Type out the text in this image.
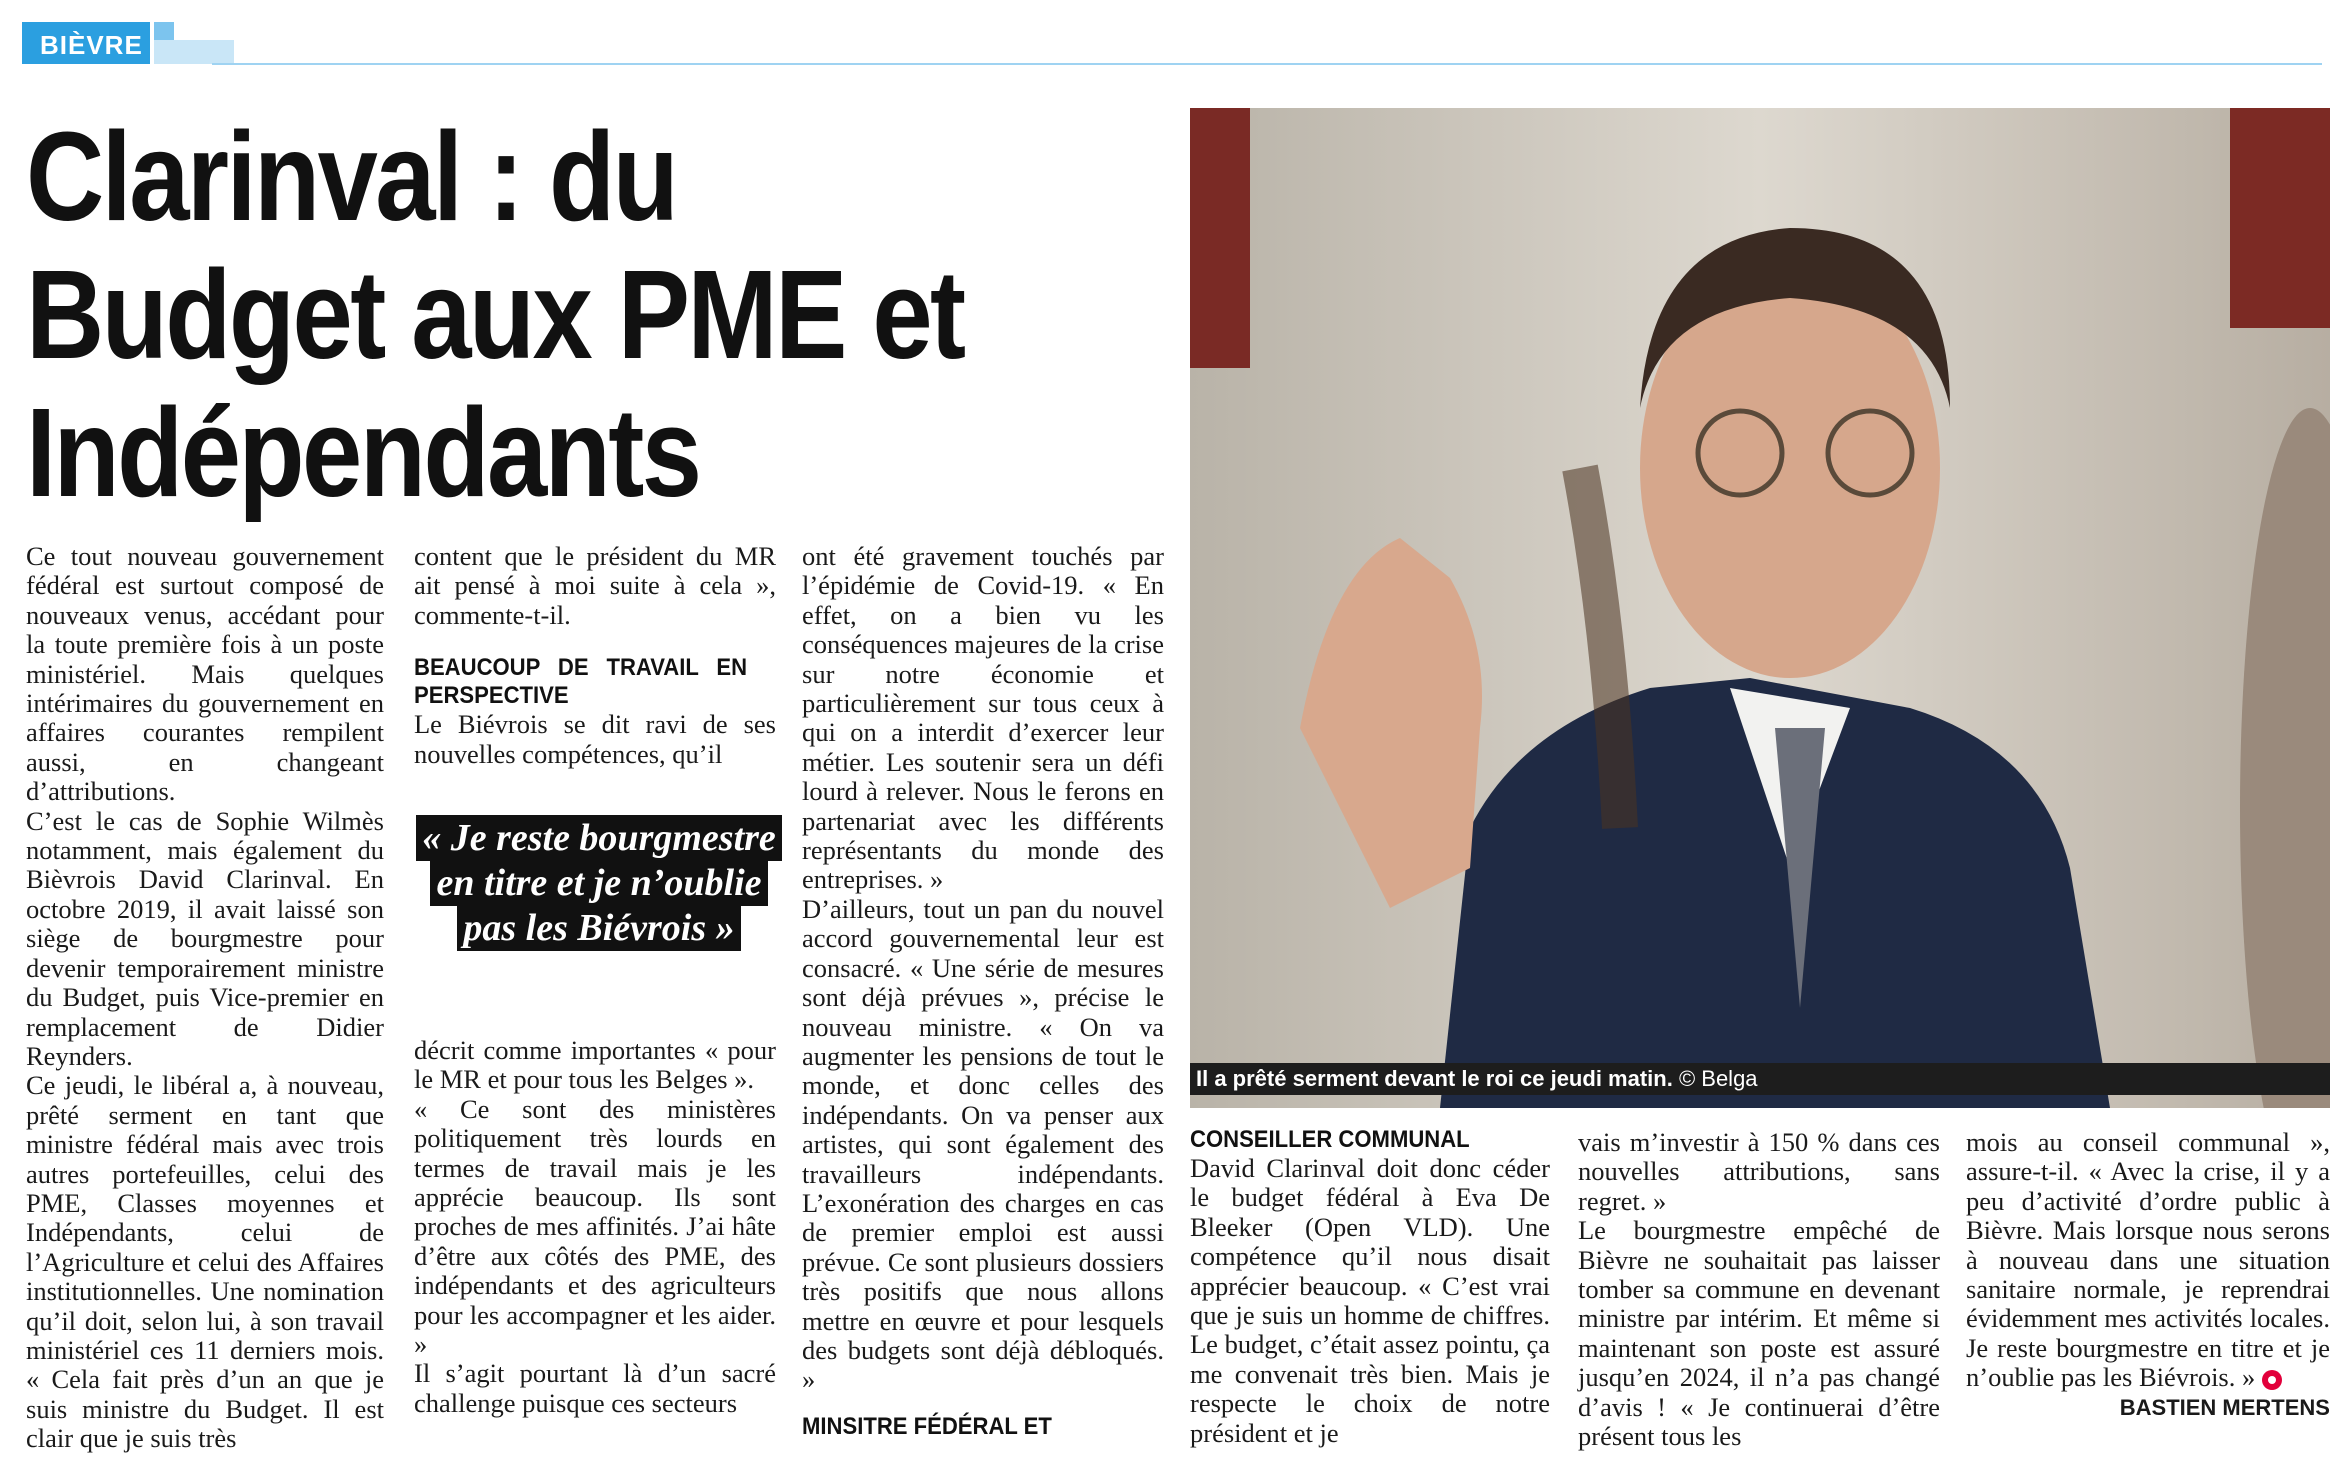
BIÈVRE
Clarinval : du Budget aux PME et Indépendants

Ce tout nouveau gouvernement fédéral est surtout composé de nouveaux venus, accédant pour la toute première fois à un poste ministériel. Mais quelques intérimaires du gouvernement en affaires courantes rempilent aussi, en changeant d’attributions.

C’est le cas de Sophie Wilmès notamment, mais également du Bièvrois David Clarinval. En octobre 2019, il avait laissé son siège de bourgmestre pour devenir temporairement ministre du Budget, puis Vice-premier en remplacement de Didier Reynders.

Ce jeudi, le libéral a, à nouveau, prêté serment en tant que ministre fédéral mais avec trois autres portefeuilles, celui des PME, Classes moyennes et Indépendants, celui de l’Agriculture et celui des Affaires institutionnelles. Une nomination qu’il doit, selon lui, à son travail ministériel ces 11 derniers mois. « Cela fait près d’un an que je suis ministre du Budget. Il est clair que je suis très

content que le président du MR ait pensé à moi suite à cela », commente-t-il.

BEAUCOUP DE TRAVAIL EN PERSPECTIVE

Le Biévrois se dit ravi de ses nouvelles compétences, qu’il

« Je reste bourgmestre en titre et je n’oublie pas les Biévrois »

décrit comme importantes « pour le MR et pour tous les Belges ».

« Ce sont des ministères politiquement très lourds en termes de travail mais je les apprécie beaucoup. Ils sont proches de mes affinités. J’ai hâte d’être aux côtés des PME, des indépendants et des agriculteurs pour les accompagner et les aider. »

Il s’agit pourtant là d’un sacré challenge puisque ces secteurs

ont été gravement touchés par l’épidémie de Covid-19. « En effet, on a bien vu les conséquences majeures de la crise sur notre économie et particulièrement sur tous ceux à qui on a interdit d’exercer leur métier. Les soutenir sera un défi lourd à relever. Nous le ferons en partenariat avec les différents représentants du monde des entreprises. »

D’ailleurs, tout un pan du nouvel accord gouvernemental leur est consacré. « Une série de mesures sont déjà prévues », précise le nouveau ministre. « On va augmenter les pensions de tout le monde, et donc celles des indépendants. On va penser aux artistes, qui sont également des travailleurs indépendants. L’exonération des charges en cas de premier emploi est aussi prévue. Ce sont plusieurs dossiers très positifs que nous allons mettre en œuvre et pour lesquels des budgets sont déjà débloqués. »

MINSITRE FÉDÉRAL ET

Il a prêté serment devant le roi ce jeudi matin. © Belga

CONSEILLER COMMUNAL

David Clarinval doit donc céder le budget fédéral à Eva De Bleeker (Open VLD). Une compétence qu’il nous disait apprécier beaucoup. « C’est vrai que je suis un homme de chiffres. Le budget, c’était assez pointu, ça me convenait très bien. Mais je respecte le choix de notre président et je

vais m’investir à 150 % dans ces nouvelles attributions, sans regret. »

Le bourgmestre empêché de Bièvre ne souhaitait pas laisser tomber sa commune en devenant ministre par intérim. Et même si maintenant son poste est assuré jusqu’en 2024, il n’a pas changé d’avis ! « Je continuerai d’être présent tous les

mois au conseil communal », assure-t-il. « Avec la crise, il y a peu d’activité d’ordre public à Bièvre. Mais lorsque nous serons à nouveau dans une situation sanitaire normale, je reprendrai évidemment mes activités locales. Je reste bourgmestre en titre et je n’oublie pas les Biévrois. »

BASTIEN MERTENS
